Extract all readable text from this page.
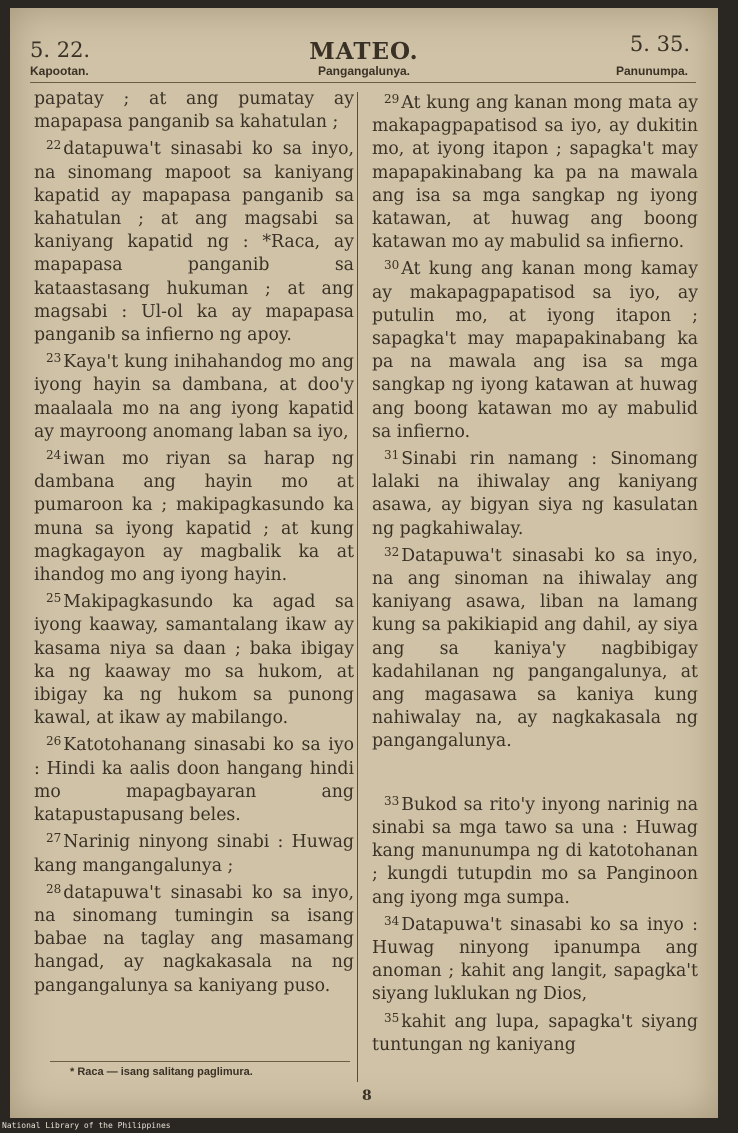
5. 22.	MATEO.	5. 35.
Kapootan.	Pangangalunya.	Panunumpa.

papatay ; at ang pumatay ay mapapasa panganib sa kahatulan ;

$^{22}$ datapuwa't sinasabi ko sa inyo, na sinomang mapoot sa kaniyang kapatid ay mapapasa panganib sa kahatulan ; at ang magsabi sa kaniyang kapatid ng : *Raca, ay mapapasa panganib sa kataastasang hukuman ; at ang magsabi : Ul-ol ka ay mapapasa panganib sa infierno ng apoy.

$^{23}$ Kaya't kung inihahandog mo ang iyong hayin sa dambana, at doo'y maalaala mo na ang iyong kapatid ay mayroong anomang laban sa iyo,

$^{24}$ iwan mo riyan sa harap ng dambana ang hayin mo at pumaroon ka ; makipagkasundo ka muna sa iyong kapatid ; at kung magkagayon ay magbalik ka at ihandog mo ang iyong hayin.

$^{25}$ Makipagkasundo ka agad sa iyong kaaway, samantalang ikaw ay kasama niya sa daan ; baka ibigay ka ng kaaway mo sa hukom, at ibigay ka ng hukom sa punong kawal, at ikaw ay mabilango.

$^{26}$ Katotohanang sinasabi ko sa iyo : Hindi ka aalis doon hangang hindi mo mapagbayaran ang katapustapusang beles.

$^{27}$ Narinig ninyong sinabi : Huwag kang mangangalunya ;

$^{28}$ datapuwa't sinasabi ko sa inyo, na sinomang tumingin sa isang babae na taglay ang masamang hangad, ay nagkakasala na ng pangangalunya sa kaniyang puso.

$^{29}$ At kung ang kanan mong mata ay makapagpapatisod sa iyo, ay dukitin mo, at iyong itapon ; sapagka't may mapapakinabang ka pa na mawala ang isa sa mga sangkap ng iyong katawan, at huwag ang boong katawan mo ay mabulid sa infierno.

$^{30}$ At kung ang kanan mong kamay ay makapagpapatisod sa iyo, ay putulin mo, at iyong itapon ; sapagka't may mapapakinabang ka pa na mawala ang isa sa mga sangkap ng iyong katawan at huwag ang boong katawan mo ay mabulid sa infierno.

$^{31}$ Sinabi rin namang : Sinomang lalaki na ihiwalay ang kaniyang asawa, ay bigyan siya ng kasulatan ng pagkahiwalay.

$^{32}$ Datapuwa't sinasabi ko sa inyo, na ang sinoman na ihiwalay ang kaniyang asawa, liban na lamang kung sa pakikiapid ang dahil, ay siya ang sa kaniya'y nagbibigay kadahilanan ng pangangalunya, at ang magasawa sa kaniya kung nahiwalay na, ay nagkakasala ng pangangalunya.

$^{33}$ Bukod sa rito'y inyong narinig na sinabi sa mga tawo sa una : Huwag kang manunumpa ng di katotohanan ; kungdi tutupdin mo sa Panginoon ang iyong mga sumpa.

$^{34}$ Datapuwa't sinasabi ko sa inyo : Huwag ninyong ipanumpa ang anoman ; kahit ang langit, sapagka't siyang luklukan ng Dios,

$^{35}$ kahit ang lupa, sapagka't siyang tuntungan ng kaniyang

* Raca — isang salitang paglimura.
8
National Library of the Philippines
